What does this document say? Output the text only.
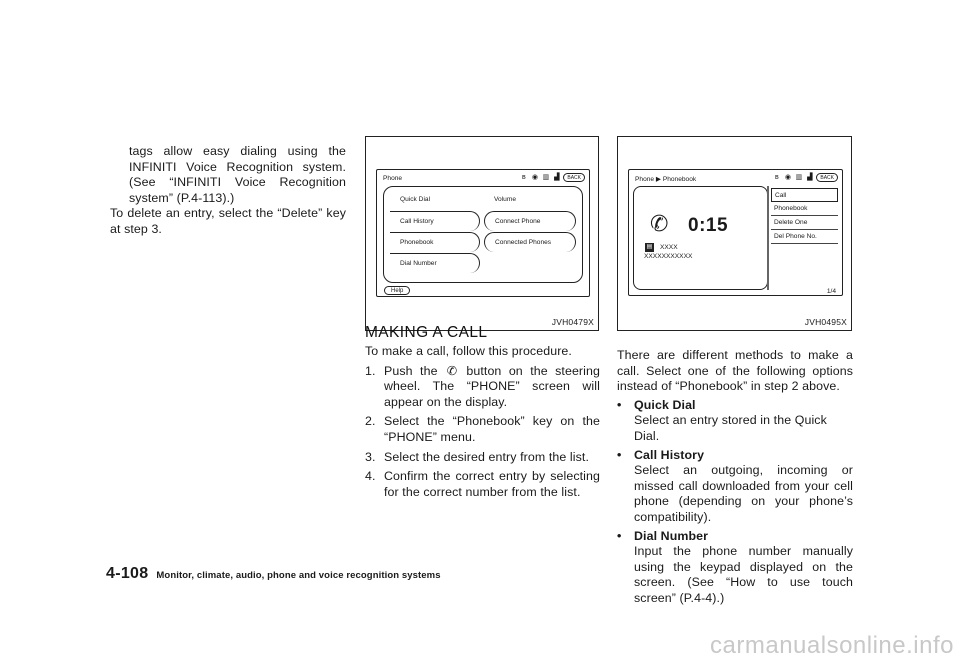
tags allow easy dialing using the INFINITI Voice Recognition system. (See “INFINITI Voice Recognition system” (P.4-113).)

To delete an entry, select the “Delete” key at step 3.

Phone	ʙ ◉ ▥ ▟	BACK
Quick Dial
Call History
Phonebook
Dial Number
Volume
Connect Phone
Connected Phones
Help
JVH0479X
Phone ▶ Phonebook	ʙ ◉ ▥ ▟	BACK
✆ 0:15
▤ XXXX
XXXXXXXXXXX
Call
Phonebook
Delete One
Del Phone No.
1/4
JVH0495X
MAKING A CALL

To make a call, follow this procedure.

1. Push the ✆ button on the steering wheel. The “PHONE” screen will appear on the display.
2. Select the “Phonebook” key on the “PHONE” menu.
3. Select the desired entry from the list.
4. Confirm the correct entry by selecting for the correct number from the list.

There are different methods to make a call. Select one of the following options instead of “Phonebook” in step 2 above.

•	Quick Dial

Select an entry stored in the Quick Dial.

•	Call History

Select an outgoing, incoming or missed call downloaded from your cell phone (depending on your phone’s compatibility).

•	Dial Number

Input the phone number manually using the keypad displayed on the screen. (See “How to use touch screen” (P.4-4).)

4-108 Monitor, climate, audio, phone and voice recognition systems
carmanualsonline.info
